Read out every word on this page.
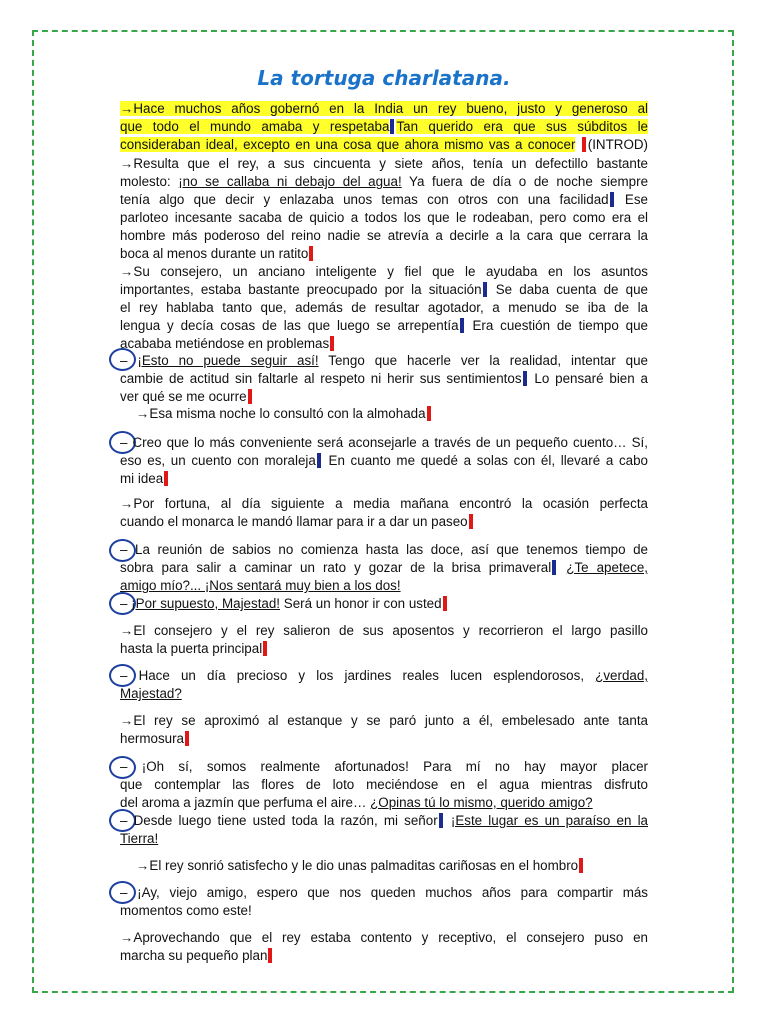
La tortuga charlatana.
→Hace muchos años gobernó en la India un rey bueno, justo y generoso al
que todo el mundo amaba y respetaba Tan querido era que sus súbditos le
consideraban ideal, excepto en una cosa que ahora mismo vas a conocer (INTROD)
→Resulta que el rey, a sus cincuenta y siete años, tenía un defectillo bastante
molesto: ¡no se callaba ni debajo del agua! Ya fuera de día o de noche siempre
tenía algo que decir y enlazaba unos temas con otros con una facilidad Ese
parloteo incesante sacaba de quicio a todos los que le rodeaban, pero como era el
hombre más poderoso del reino nadie se atrevía a decirle a la cara que cerrara la
boca al menos durante un ratito
→Su consejero, un anciano inteligente y fiel que le ayudaba en los asuntos
importantes, estaba bastante preocupado por la situación Se daba cuenta de que
el rey hablaba tanto que, además de resultar agotador, a menudo se iba de la
lengua y decía cosas de las que luego se arrepentía Era cuestión de tiempo que
acababa metiéndose en problemas
– ¡Esto no puede seguir así! Tengo que hacerle ver la realidad, intentar que
cambie de actitud sin faltarle al respeto ni herir sus sentimientos Lo pensaré bien a
ver qué se me ocurre
→Esa misma noche lo consultó con la almohada
– Creo que lo más conveniente será aconsejarle a través de un pequeño cuento… Sí,
eso es, un cuento con moraleja En cuanto me quedé a solas con él, llevaré a cabo
mi idea
→Por fortuna, al día siguiente a media mañana encontró la ocasión perfecta
cuando el monarca le mandó llamar para ir a dar un paseo
– La reunión de sabios no comienza hasta las doce, así que tenemos tiempo de
sobra para salir a caminar un rato y gozar de la brisa primaveral ¿Te apetece,
amigo mío?... ¡Nos sentará muy bien a los dos!
– ¡Por supuesto, Majestad! Será un honor ir con usted
→El consejero y el rey salieron de sus aposentos y recorrieron el largo pasillo
hasta la puerta principal
– Hace un día precioso y los jardines reales lucen esplendorosos, ¿verdad,
Majestad?
→El rey se aproximó al estanque y se paró junto a él, embelesado ante tanta
hermosura
– ¡Oh sí, somos realmente afortunados! Para mí no hay mayor placer
que contemplar las flores de loto meciéndose en el agua mientras disfruto
del aroma a jazmín que perfuma el aire… ¿Opinas tú lo mismo, querido amigo?
– Desde luego tiene usted toda la razón, mi señor ¡Este lugar es un paraíso en la
Tierra!
→El rey sonrió satisfecho y le dio unas palmaditas cariñosas en el hombro
– ¡Ay, viejo amigo, espero que nos queden muchos años para compartir más
momentos como este!
→Aprovechando que el rey estaba contento y receptivo, el consejero puso en
marcha su pequeño plan
